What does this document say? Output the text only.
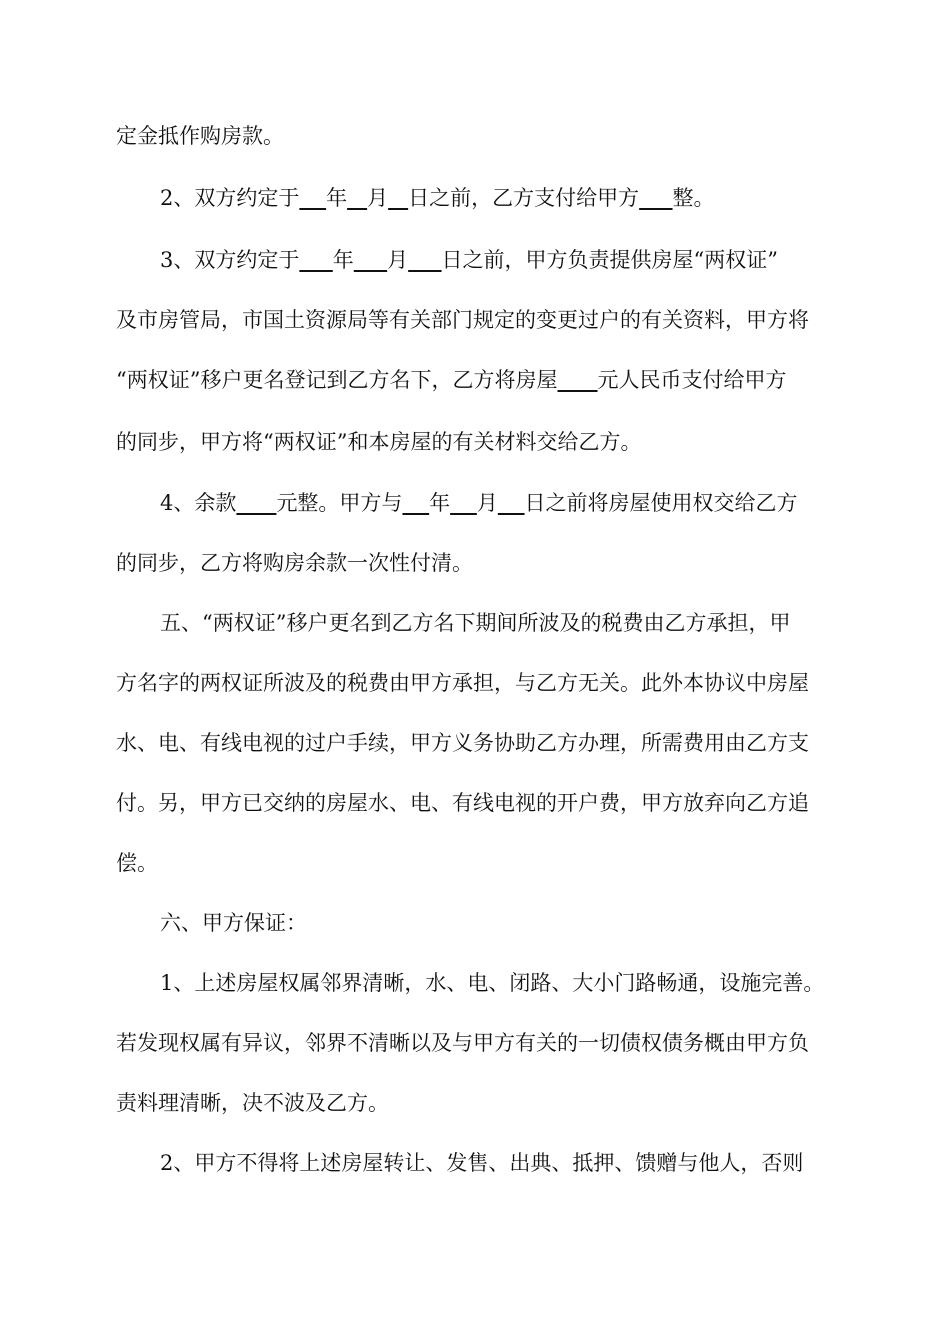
定金抵作购房款。
2、双方约定于 年 月 日之前，乙方支付给甲方 整。
3、双方约定于 年 月 日之前，甲方负责提供房屋“两权证”
及市房管局，市国土资源局等有关部门规定的变更过户的有关资料，甲方将
“两权证”移户更名登记到乙方名下，乙方将房屋 元人民币支付给甲方
的同步，甲方将“两权证”和本房屋的有关材料交给乙方。
4、余款 元整。甲方与 年 月 日之前将房屋使用权交给乙方
的同步，乙方将购房余款一次性付清。
五、“两权证”移户更名到乙方名下期间所波及的税费由乙方承担，甲
方名字的两权证所波及的税费由甲方承担，与乙方无关。此外本协议中房屋
水、电、有线电视的过户手续，甲方义务协助乙方办理，所需费用由乙方支
付。另，甲方已交纳的房屋水、电、有线电视的开户费，甲方放弃向乙方追
偿。
六、甲方保证：
1、上述房屋权属邻界清晰，水、电、闭路、大小门路畅通，设施完善。
若发现权属有异议，邻界不清晰以及与甲方有关的一切债权债务概由甲方负
责料理清晰，决不波及乙方。
2、甲方不得将上述房屋转让、发售、出典、抵押、馈赠与他人，否则
